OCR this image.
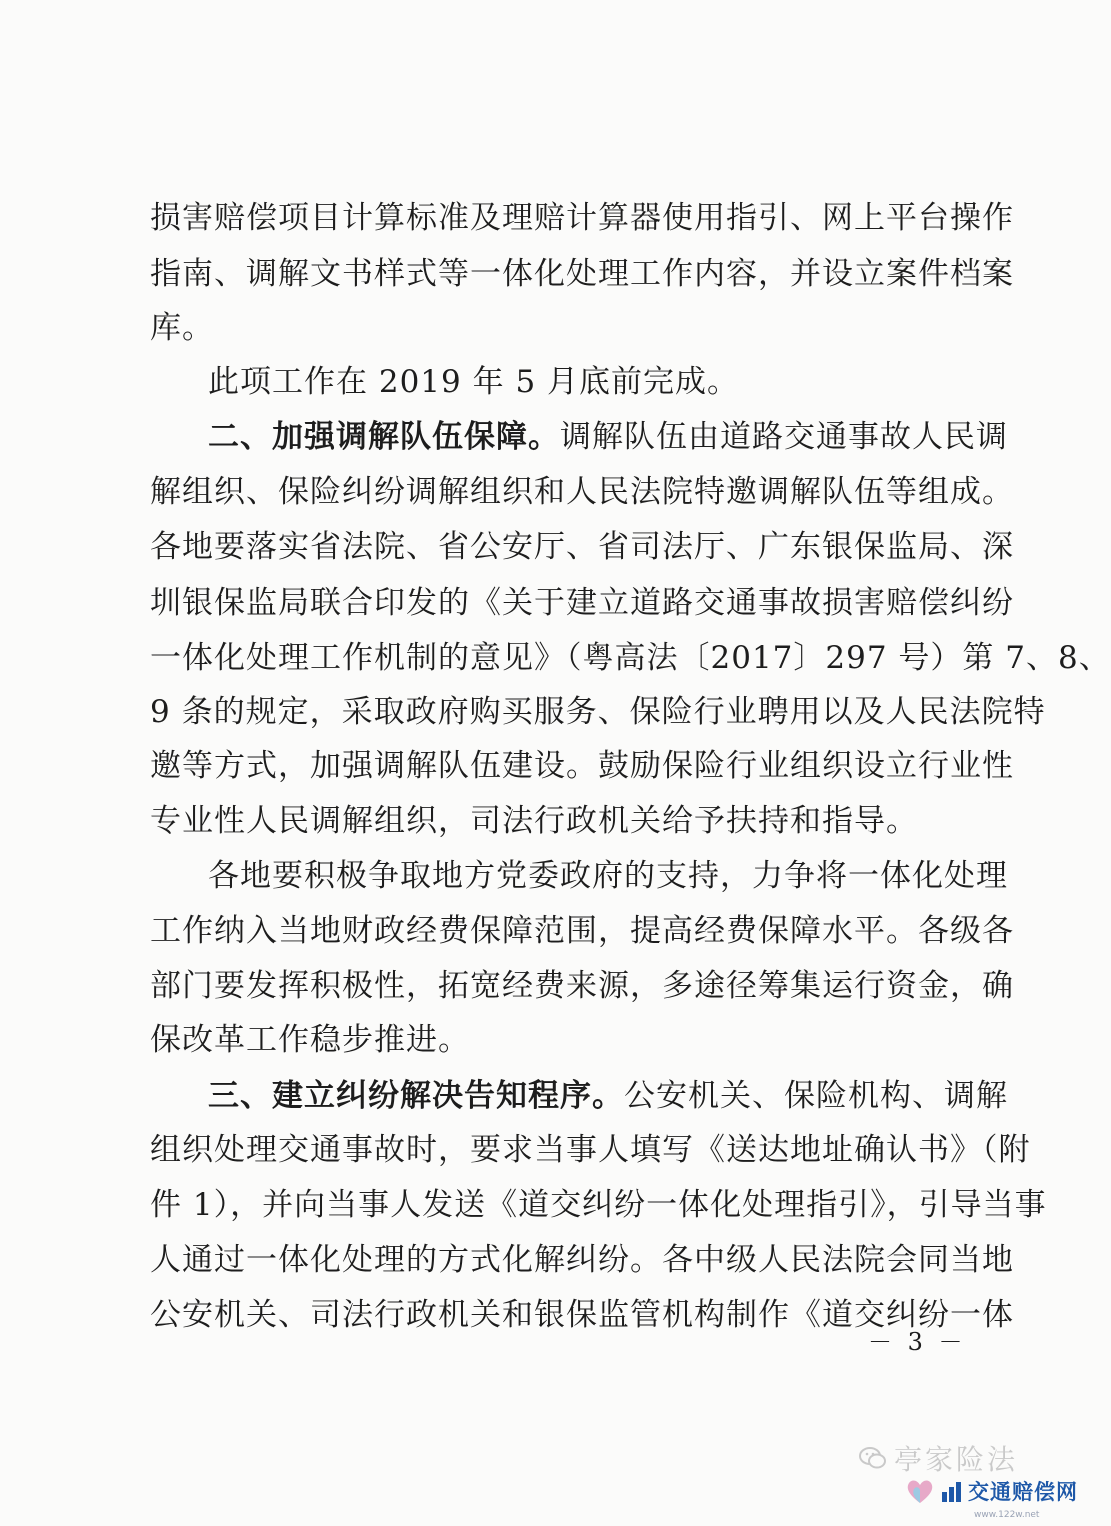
损害赔偿项目计算标准及理赔计算器使用指引、网上平台操作
指南、调解文书样式等一体化处理工作内容，并设立案件档案
库。
此项工作在 2019 年 5 月底前完成。
二、加强调解队伍保障。调解队伍由道路交通事故人民调
解组织、保险纠纷调解组织和人民法院特邀调解队伍等组成。
各地要落实省法院、省公安厅、省司法厅、广东银保监局、深
圳银保监局联合印发的《关于建立道路交通事故损害赔偿纠纷
一体化处理工作机制的意见》（粤高法〔2017〕297 号）第 7、8、
9 条的规定，采取政府购买服务、保险行业聘用以及人民法院特
邀等方式，加强调解队伍建设。鼓励保险行业组织设立行业性
专业性人民调解组织，司法行政机关给予扶持和指导。
各地要积极争取地方党委政府的支持，力争将一体化处理
工作纳入当地财政经费保障范围，提高经费保障水平。各级各
部门要发挥积极性，拓宽经费来源，多途径筹集运行资金，确
保改革工作稳步推进。
三、建立纠纷解决告知程序。公安机关、保险机构、调解
组织处理交通事故时，要求当事人填写《送达地址确认书》（附
件 1），并向当事人发送《道交纠纷一体化处理指引》，引导当事
人通过一体化处理的方式化解纠纷。各中级人民法院会同当地
公安机关、司法行政机关和银保监管机构制作《道交纠纷一体
－ 3 －
亭家险法
交通赔偿网
www.122w.net
